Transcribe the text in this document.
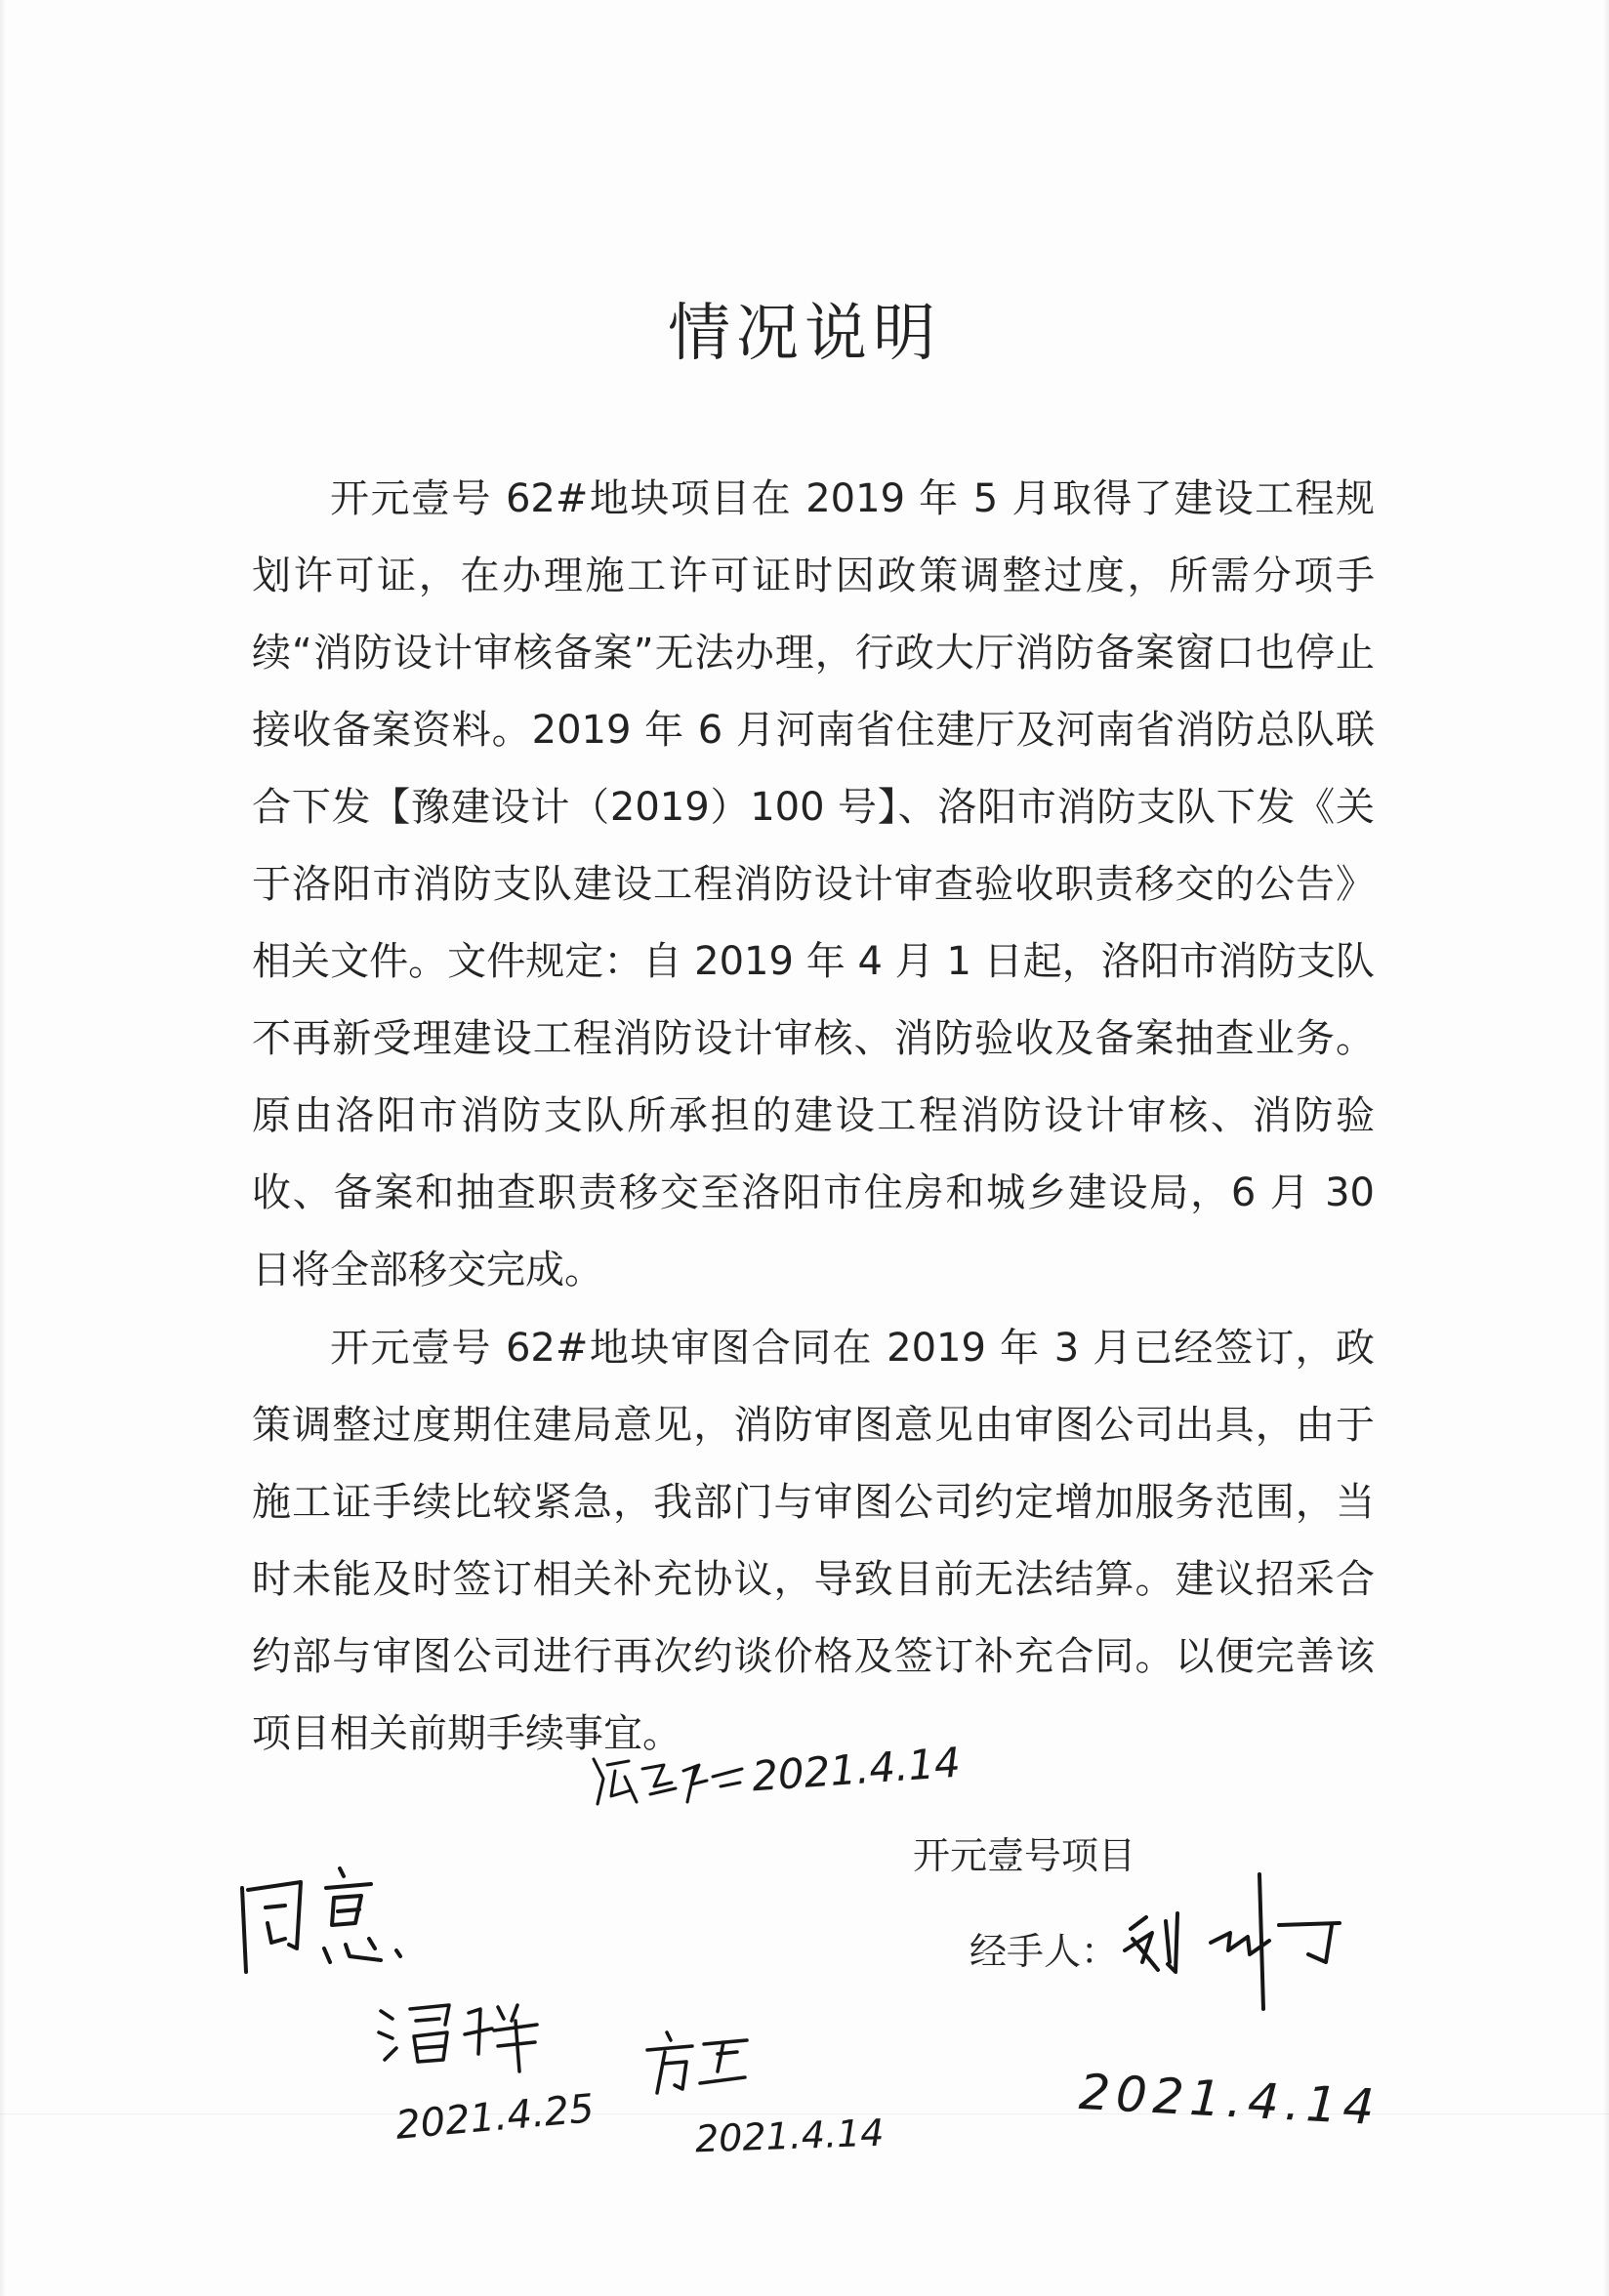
情况说明

开元壹号 62#地块项目在 2019 年 5 月取得了建设工程规划许可证，在办理施工许可证时因政策调整过度，所需分项手续“消防设计审核备案”无法办理，行政大厅消防备案窗口也停止接收备案资料。2019 年 6 月河南省住建厅及河南省消防总队联合下发【豫建设计（2019）100 号】、洛阳市消防支队下发《关于洛阳市消防支队建设工程消防设计审查验收职责移交的公告》相关文件。文件规定：自 2019 年 4 月 1 日起，洛阳市消防支队不再新受理建设工程消防设计审核、消防验收及备案抽查业务。原由洛阳市消防支队所承担的建设工程消防设计审核、消防验收、备案和抽查职责移交至洛阳市住房和城乡建设局，6 月 30 日将全部移交完成。

开元壹号 62#地块审图合同在 2019 年 3 月已经签订，政策调整过度期住建局意见，消防审图意见由审图公司出具，由于施工证手续比较紧急，我部门与审图公司约定增加服务范围，当时未能及时签订相关补充协议，导致目前无法结算。建议招采合约部与审图公司进行再次约谈价格及签订补充合同。以便完善该项目相关前期手续事宜。

2021.4.14
开元壹号项目
经手人：
2021.4.14
2021.4.25	2021.4.14
